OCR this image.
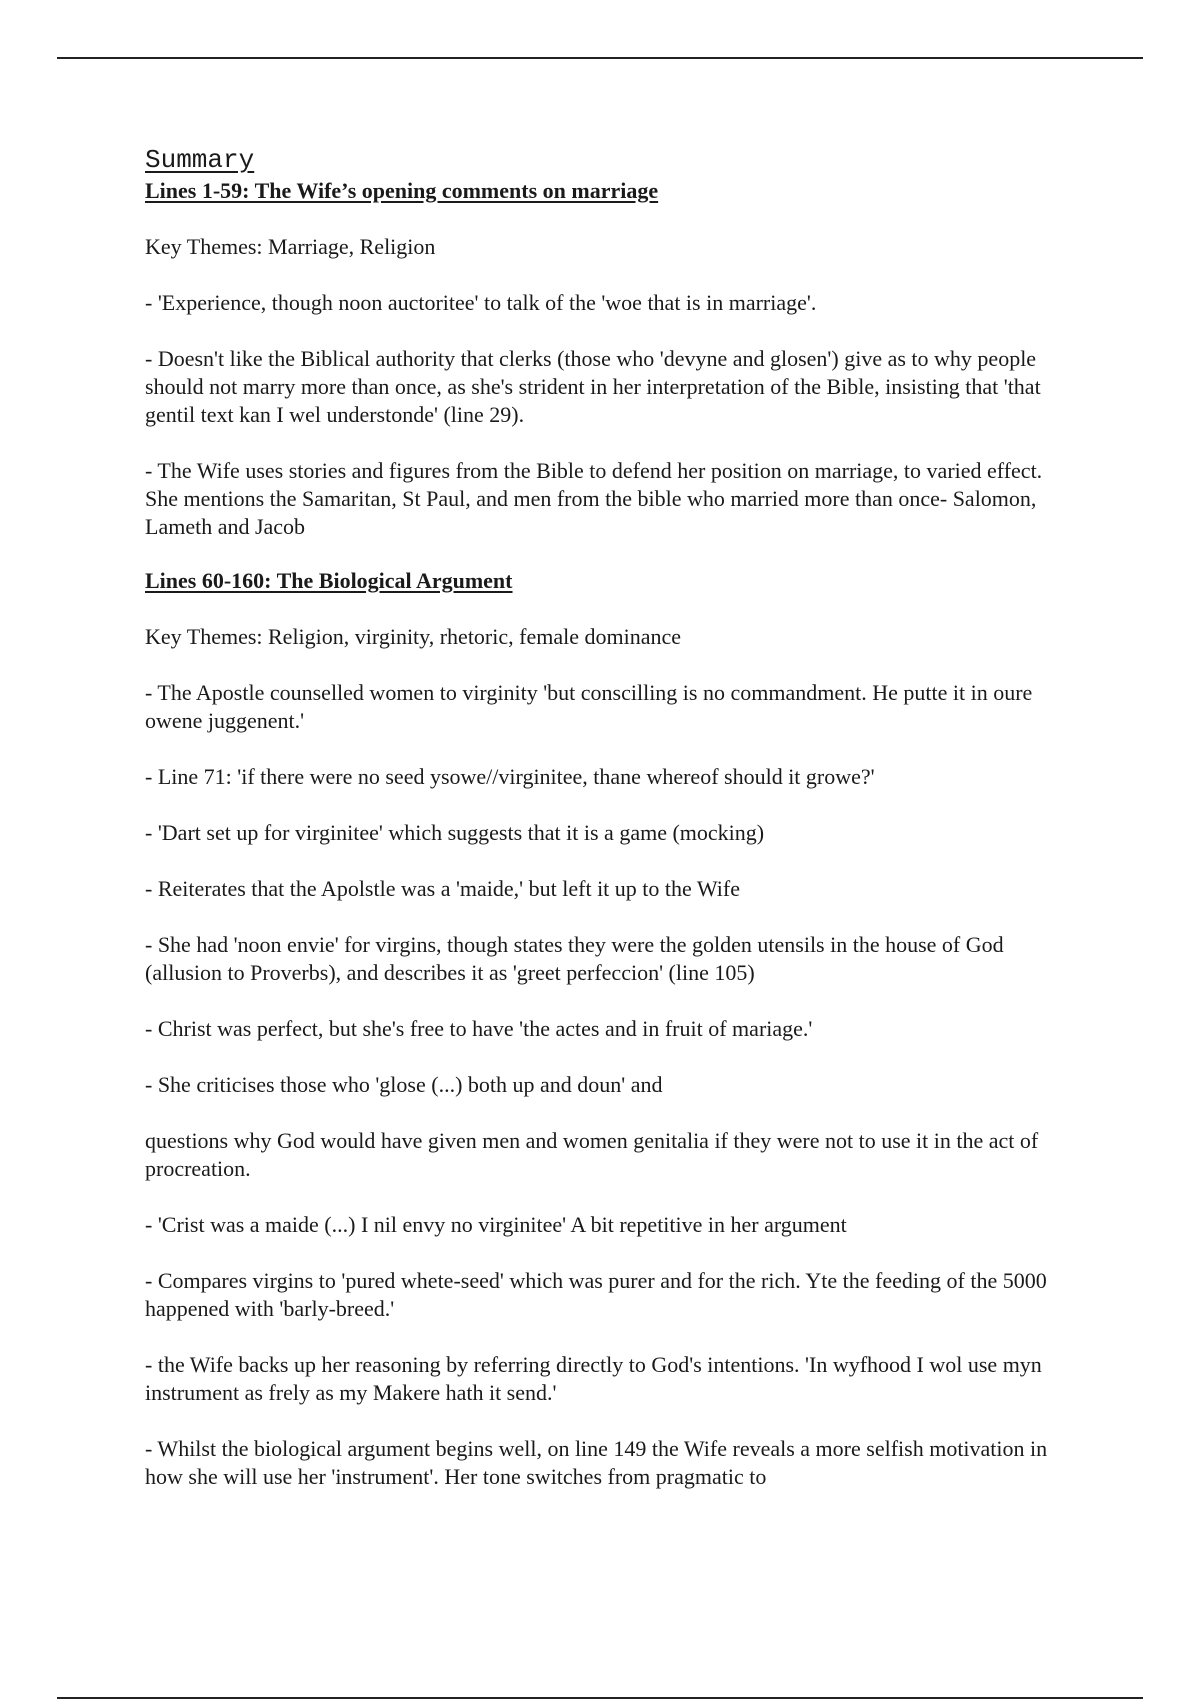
Summary
Lines 1-59: The Wife’s opening comments on marriage

Key Themes: Marriage, Religion

- 'Experience, though noon auctoritee' to talk of the 'woe that is in marriage'.

- Doesn't like the Biblical authority that clerks (those who 'devyne and glosen') give as to why people should not marry more than once, as she's strident in her interpretation of the Bible, insisting that 'that gentil text kan I wel understonde' (line 29).

- The Wife uses stories and figures from the Bible to defend her position on marriage, to varied effect. She mentions the Samaritan, St Paul, and men from the bible who married more than once- Salomon, Lameth and Jacob

Lines 60-160: The Biological Argument

Key Themes: Religion, virginity, rhetoric, female dominance

- The Apostle counselled women to virginity 'but conscilling is no commandment. He putte it in oure owene juggenent.'

- Line 71: 'if there were no seed ysowe//virginitee, thane whereof should it growe?'

- 'Dart set up for virginitee' which suggests that it is a game (mocking)

- Reiterates that the Apolstle was a 'maide,' but left it up to the Wife

- She had 'noon envie' for virgins, though states they were the golden utensils in the house of God (allusion to Proverbs), and describes it as 'greet perfeccion' (line 105)

- Christ was perfect, but she's free to have 'the actes and in fruit of mariage.'

- She criticises those who 'glose (...) both up and doun' and

questions why God would have given men and women genitalia if they were not to use it in the act of procreation.

- 'Crist was a maide (...) I nil envy no virginitee' A bit repetitive in her argument

- Compares virgins to 'pured whete-seed' which was purer and for the rich. Yte the feeding of the 5000 happened with 'barly-breed.'

- the Wife backs up her reasoning by referring directly to God's intentions. 'In wyfhood I wol use myn instrument as frely as my Makere hath it send.'

- Whilst the biological argument begins well, on line 149 the Wife reveals a more selfish motivation in how she will use her 'instrument'. Her tone switches from pragmatic to
